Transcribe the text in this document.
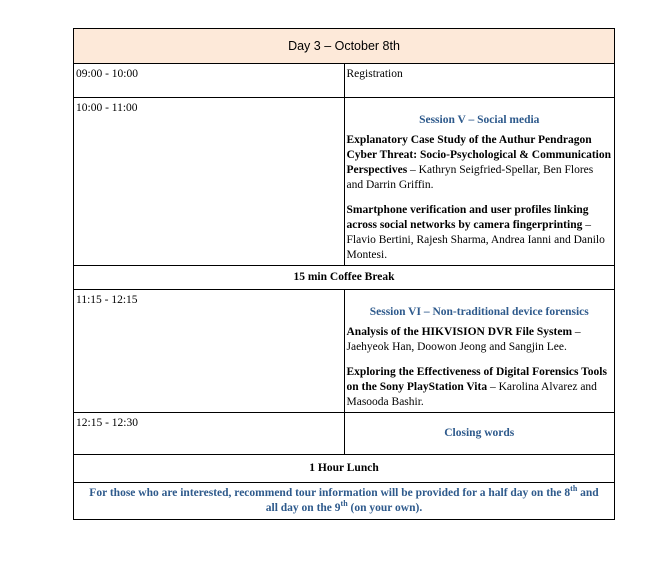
Day 3 – October 8th	
09:00 - 10:00	Registration
10:00 - 11:00	Session V – Social media
Explanatory Case Study of the Authur Pendragon Cyber Threat: Socio-Psychological & Communication Perspectives – Kathryn Seigfried-Spellar, Ben Flores and Darrin Griffin.
Smartphone verification and user profiles linking across social networks by camera fingerprinting – Flavio Bertini, Rajesh Sharma, Andrea Ianni and Danilo Montesi.

15 min Coffee Break	
11:15 - 12:15	Session VI – Non-traditional device forensics
Analysis of the HIKVISION DVR File System – Jaehyeok Han, Doowon Jeong and Sangjin Lee.
Exploring the Effectiveness of Digital Forensics Tools on the Sony PlayStation Vita – Karolina Alvarez and Masooda Bashir.

12:15 - 12:30	Closing words
1 Hour Lunch	
For those who are interested, recommend tour information will be provided for a half day on the 8th and all day on the 9th (on your own).	
